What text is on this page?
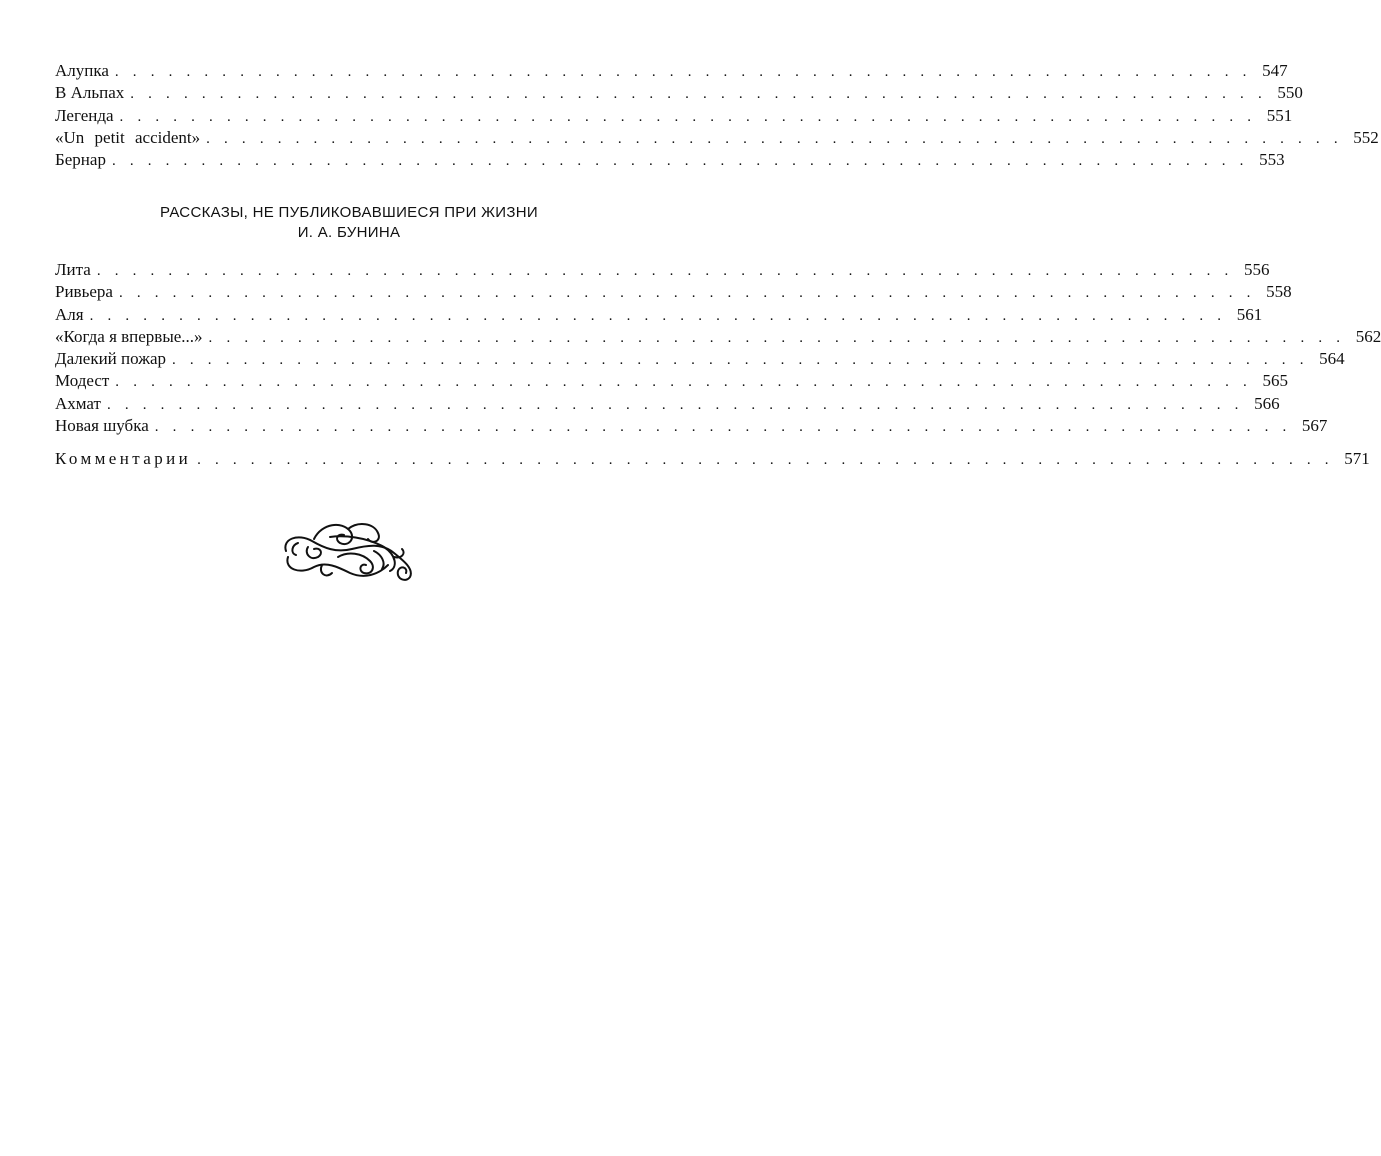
Алупка . . . . . . . . . . . . . . . . . . . . . . . . . . . . . . . . . . . . . . . . . . . . . . . . . . . . . . . . . . . . . . . . 547
В Альпах . . . . . . . . . . . . . . . . . . . . . . . . . . . . . . . . . . . . . . . . . . . . . . . . . . . . . . . . . . . . . . . . 550
Легенда . . . . . . . . . . . . . . . . . . . . . . . . . . . . . . . . . . . . . . . . . . . . . . . . . . . . . . . . . . . . . . . . 551
«Un petit accident» . . . . . . . . . . . . . . . . . . . . . . . . . . . . . . . . . . . . . . . . . . . . . . . . . . . . . . . . . . . . . . . . 552
Бернар . . . . . . . . . . . . . . . . . . . . . . . . . . . . . . . . . . . . . . . . . . . . . . . . . . . . . . . . . . . . . . . . 553
РАССКАЗЫ, НЕ ПУБЛИКОВАВШИЕСЯ ПРИ ЖИЗНИ
И. А. БУНИНА
Лита . . . . . . . . . . . . . . . . . . . . . . . . . . . . . . . . . . . . . . . . . . . . . . . . . . . . . . . . . . . . . . . . 556
Ривьера . . . . . . . . . . . . . . . . . . . . . . . . . . . . . . . . . . . . . . . . . . . . . . . . . . . . . . . . . . . . . . . . 558
Аля . . . . . . . . . . . . . . . . . . . . . . . . . . . . . . . . . . . . . . . . . . . . . . . . . . . . . . . . . . . . . . . . 561
«Когда я впервые...» . . . . . . . . . . . . . . . . . . . . . . . . . . . . . . . . . . . . . . . . . . . . . . . . . . . . . . . . . . . . . . . . 562
Далекий пожар . . . . . . . . . . . . . . . . . . . . . . . . . . . . . . . . . . . . . . . . . . . . . . . . . . . . . . . . . . . . . . . . 564
Модест . . . . . . . . . . . . . . . . . . . . . . . . . . . . . . . . . . . . . . . . . . . . . . . . . . . . . . . . . . . . . . . . 565
Ахмат . . . . . . . . . . . . . . . . . . . . . . . . . . . . . . . . . . . . . . . . . . . . . . . . . . . . . . . . . . . . . . . . 566
Новая шубка . . . . . . . . . . . . . . . . . . . . . . . . . . . . . . . . . . . . . . . . . . . . . . . . . . . . . . . . . . . . . . . . 567
Комментарии . . . . . . . . . . . . . . . . . . . . . . . . . . . . . . . . . . . . . . . . . . . . . . . . . . . . . . . . . . . . . . . . 571
